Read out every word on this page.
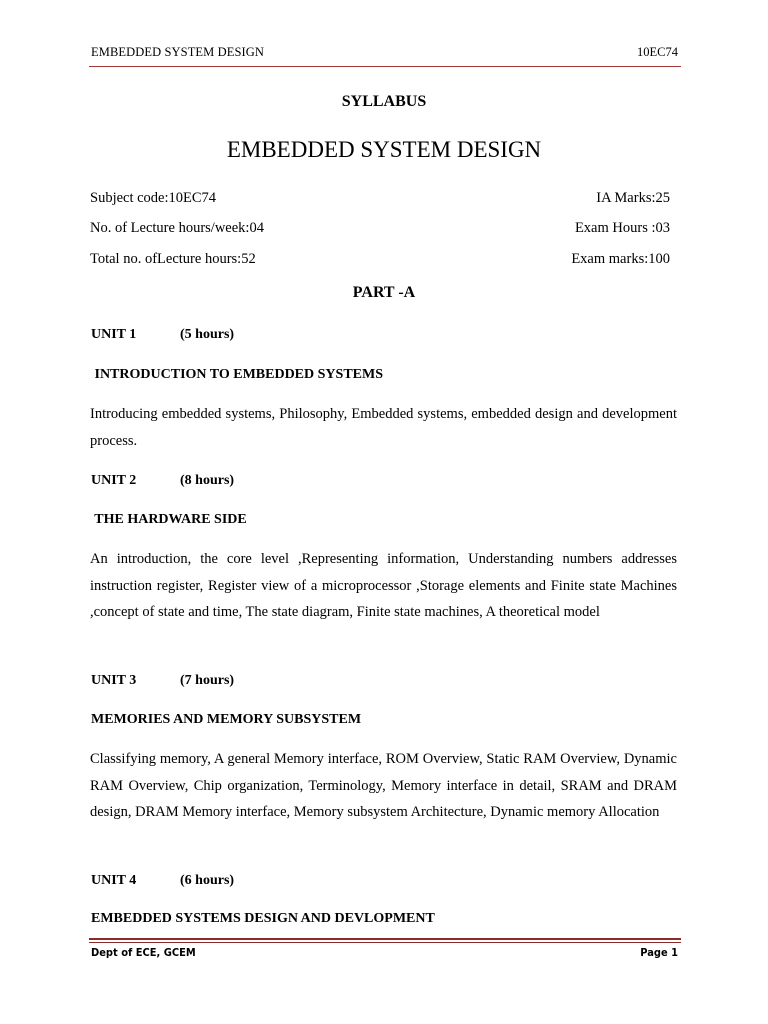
EMBEDDED SYSTEM DESIGN	10EC74
SYLLABUS
EMBEDDED SYSTEM DESIGN
Subject code:10EC74	IA Marks:25
No. of Lecture hours/week:04	Exam Hours :03
Total no. ofLecture hours:52	Exam marks:100
PART -A
UNIT 1	(5 hours)
INTRODUCTION TO EMBEDDED SYSTEMS
Introducing embedded systems, Philosophy, Embedded systems, embedded design and development process.
UNIT 2	(8 hours)
THE HARDWARE SIDE
An introduction, the core level ,Representing information, Understanding numbers addresses instruction register, Register view of a microprocessor ,Storage elements and Finite state Machines ,concept of state and time, The state diagram, Finite state machines, A theoretical model
UNIT 3	(7 hours)
MEMORIES AND MEMORY SUBSYSTEM
Classifying memory, A general Memory interface, ROM Overview, Static RAM Overview, Dynamic RAM Overview, Chip organization, Terminology, Memory interface in detail, SRAM and DRAM design, DRAM Memory interface, Memory subsystem Architecture, Dynamic memory Allocation
UNIT 4	(6 hours)
EMBEDDED SYSTEMS DESIGN AND DEVLOPMENT
Dept of ECE, GCEM	Page 1
